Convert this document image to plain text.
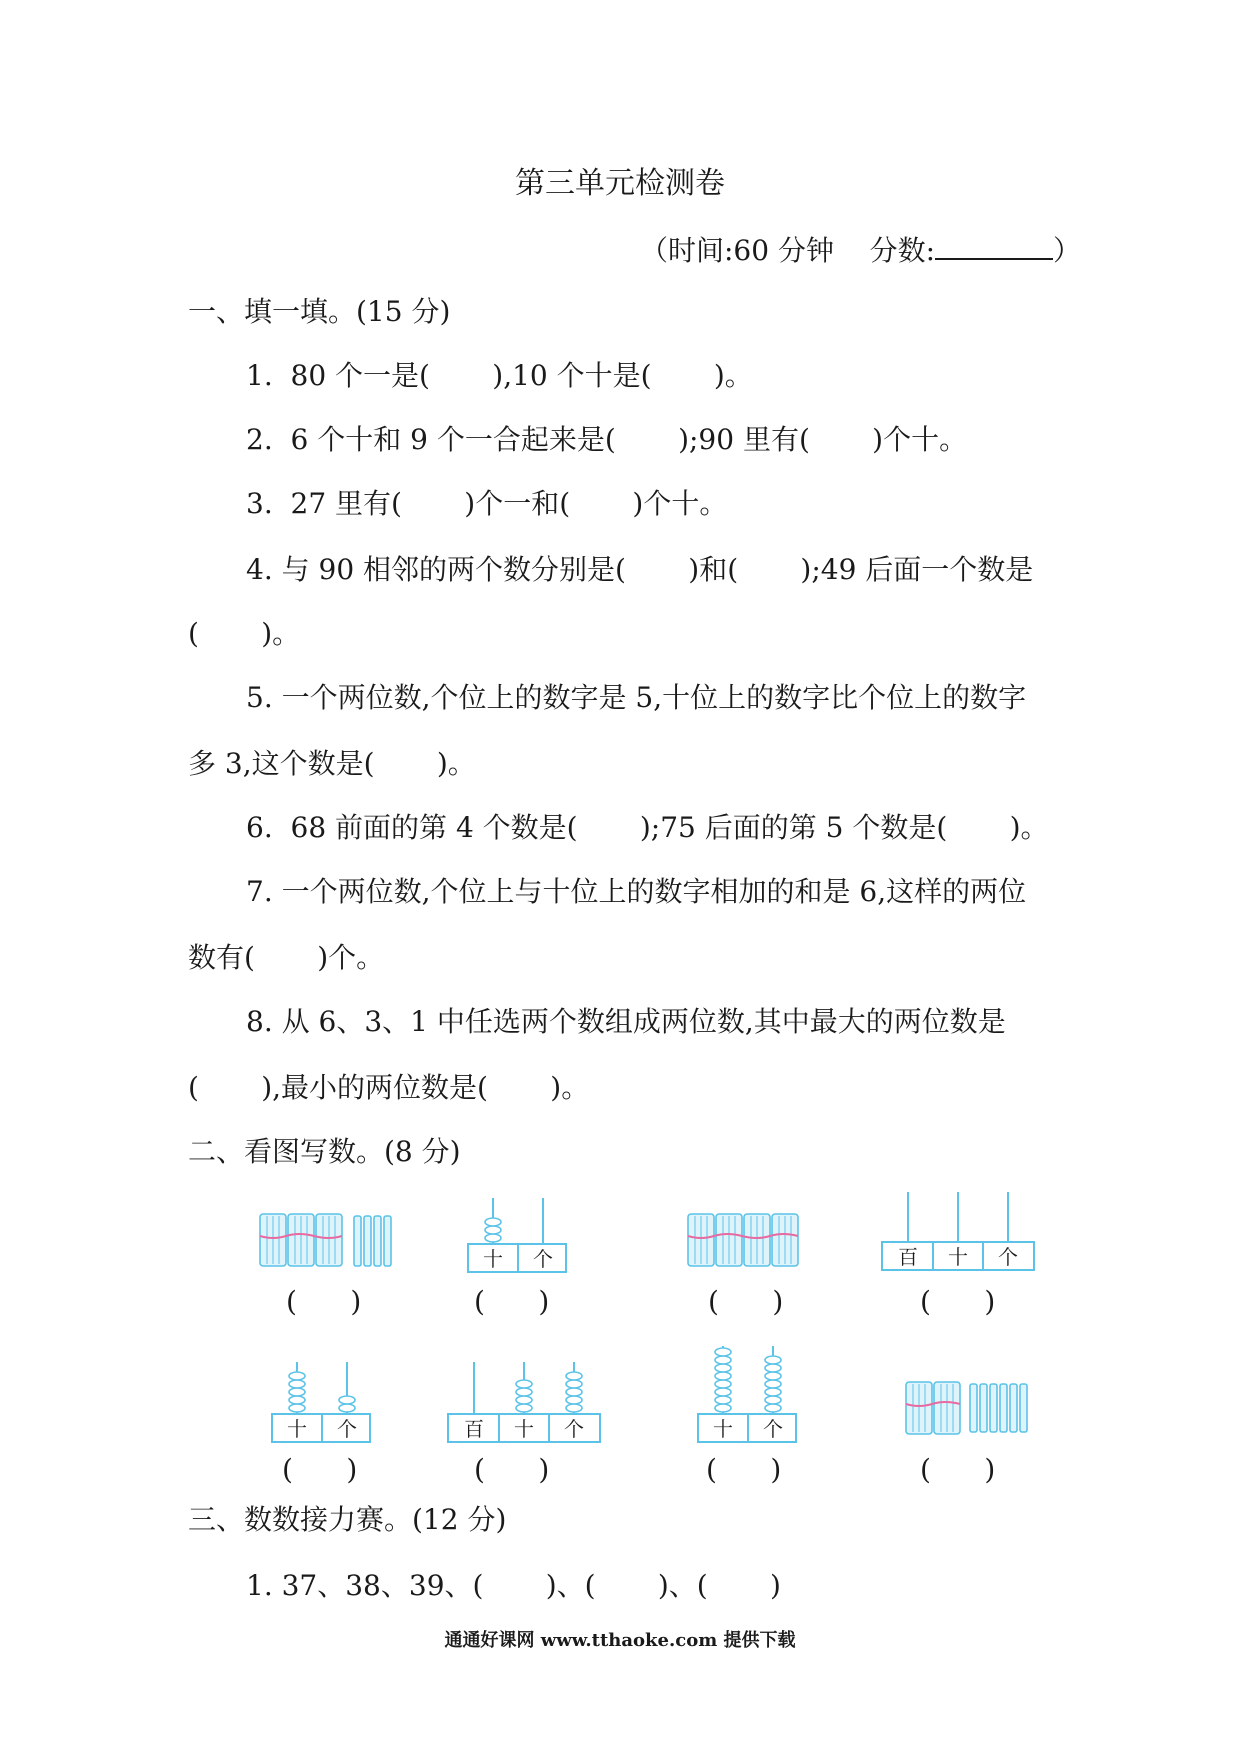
第三单元检测卷
（时间:60 分钟 分数:	）
一、填一填。(15 分)
1.  80 个一是(       ),10 个十是(       )。
2.  6 个十和 9 个一合起来是(       );90 里有(       )个十。
3.  27 里有(       )个一和(       )个十。
4. 与 90 相邻的两个数分别是(       )和(       );49 后面一个数是
(       )。
5. 一个两位数,个位上的数字是 5,十位上的数字比个位上的数字
多 3,这个数是(       )。
6.  68 前面的第 4 个数是(       );75 后面的第 5 个数是(       )。
7. 一个两位数,个位上与十位上的数字相加的和是 6,这样的两位
数有(       )个。
8. 从 6、3、1 中任选两个数组成两位数,其中最大的两位数是
(       ),最小的两位数是(       )。
二、看图写数。(8 分)
(      )
十 个
(      )	(      )
百 十 个
(      )
十 个
(      )
百 十 个
(      )
十 个
(      )	(      )
三、数数接力赛。(12 分)
1. 37、38、39、(       )、(       )、(       )
通通好课网 www.tthaoke.com 提供下载
